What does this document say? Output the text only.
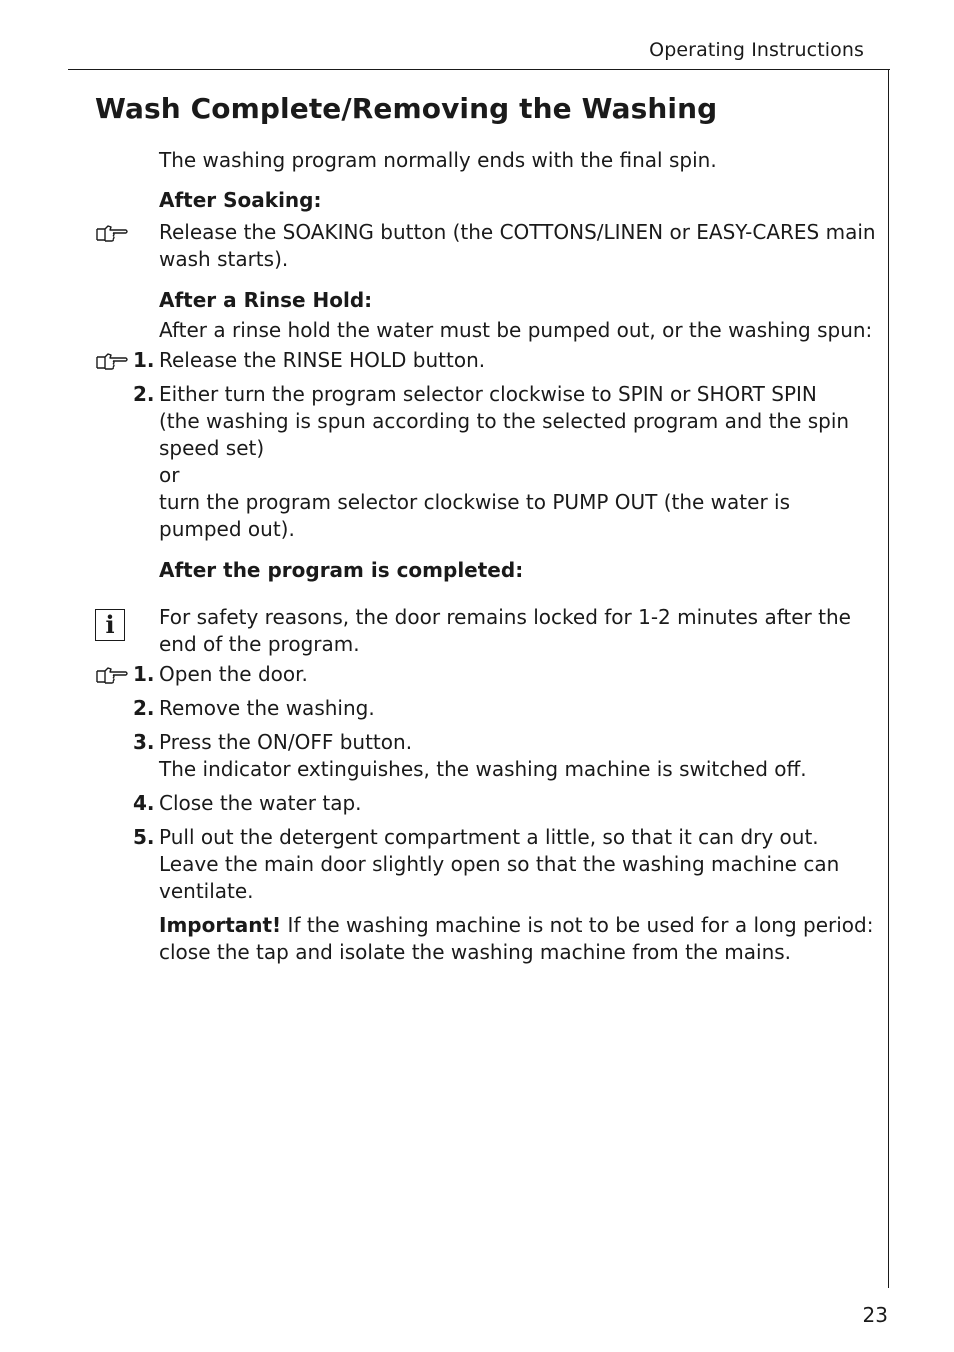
Operating Instructions
Wash Complete/Removing the Washing

The washing program normally ends with the final spin.

After Soaking:

Release the SOAKING button (the COTTONS/LINEN or EASY-CARES main

wash starts).

After a Rinse Hold:

After a rinse hold the water must be pumped out, or the washing spun:

1. Release the RINSE HOLD button.

2. Either turn the program selector clockwise to SPIN or SHORT SPIN

(the washing is spun according to the selected program and the spin

speed set)

or

turn the program selector clockwise to PUMP OUT (the water is

pumped out).

After the program is completed:

i	For safety reasons, the door remains locked for 1-2 minutes after the

end of the program.

1. Open the door.

2. Remove the washing.

3. Press the ON/OFF button.

The indicator extinguishes, the washing machine is switched off.

4. Close the water tap.

5. Pull out the detergent compartment a little, so that it can dry out.

Leave the main door slightly open so that the washing machine can

ventilate.

Important! If the washing machine is not to be used for a long period:

close the tap and isolate the washing machine from the mains.

23
